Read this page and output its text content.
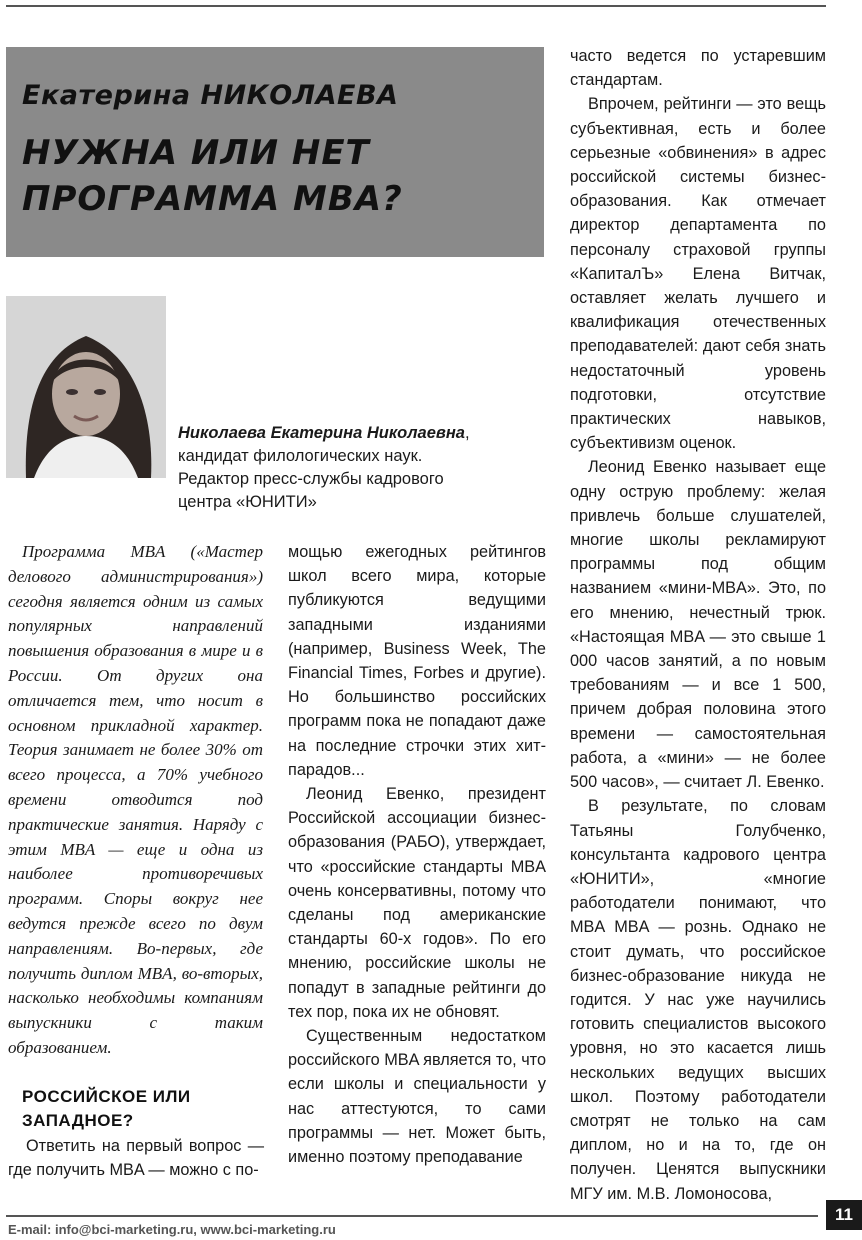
Екатерина НИКОЛАЕВА
НУЖНА ИЛИ НЕТ
ПРОГРАММА MBA?

Николаева Екатерина Николаевна,
кандидат филологических наук.
Редактор пресс-службы кадрового
центра «ЮНИТИ»

Программа MBA («Мастер делового администрирования») сегодня является одним из самых популярных направлений повышения образования в мире и в России. От других она отличается тем, что носит в основном прикладной характер. Теория занимает не более 30% от всего процесса, а 70% учебного времени отводится под практические занятия. Наряду с этим MBA — еще и одна из наиболее противоречивых программ. Споры вокруг нее ведутся прежде всего по двум направлениям. Во-первых, где получить диплом MBA, во-вторых, насколько необходимы компаниям выпускники с таким образованием.

РОССИЙСКОЕ ИЛИ ЗАПАДНОЕ?

Ответить на первый вопрос — где получить MBA — можно с по-

мощью ежегодных рейтингов школ всего мира, которые публикуются ведущими западными изданиями (например, Business Week, The Financial Times, Forbes и другие). Но большинство российских программ пока не попадают даже на последние строчки этих хит-парадов...

Леонид Евенко, президент Российской ассоциации бизнес-образования (РАБО), утверждает, что «российские стандарты MBA очень консервативны, потому что сделаны под американские стандарты 60-х годов». По его мнению, российские школы не попадут в западные рейтинги до тех пор, пока их не обновят.

Существенным недостатком российского MBA является то, что если школы и специальности у нас аттестуются, то сами программы — нет. Может быть, именно поэтому преподавание

часто ведется по устаревшим стандартам.

Впрочем, рейтинги — это вещь субъективная, есть и более серьезные «обвинения» в адрес российской системы бизнес-образования. Как отмечает директор департамента по персоналу страховой группы «КапиталЪ» Елена Витчак, оставляет желать лучшего и квалификация отечественных преподавателей: дают себя знать недостаточный уровень подготовки, отсутствие практических навыков, субъективизм оценок.

Леонид Евенко называет еще одну острую проблему: желая привлечь больше слушателей, многие школы рекламируют программы под общим названием «мини-MBA». Это, по его мнению, нечестный трюк. «Настоящая MBA — это свыше 1 000 часов занятий, а по новым требованиям — и все 1 500, причем добрая половина этого времени — самостоятельная работа, а «мини» — не более 500 часов», — считает Л. Евенко.

В результате, по словам Татьяны Голубченко, консультанта кадрового центра «ЮНИТИ», «многие работодатели понимают, что MBA MBA — рознь. Однако не стоит думать, что российское бизнес-образование никуда не годится. У нас уже научились готовить специалистов высокого уровня, но это касается лишь нескольких ведущих высших школ. Поэтому работодатели смотрят не только на сам диплом, но и на то, где он получен. Ценятся выпускники МГУ им. М.В. Ломоносова,

E-mail: info@bci-marketing.ru, www.bci-marketing.ru

11
